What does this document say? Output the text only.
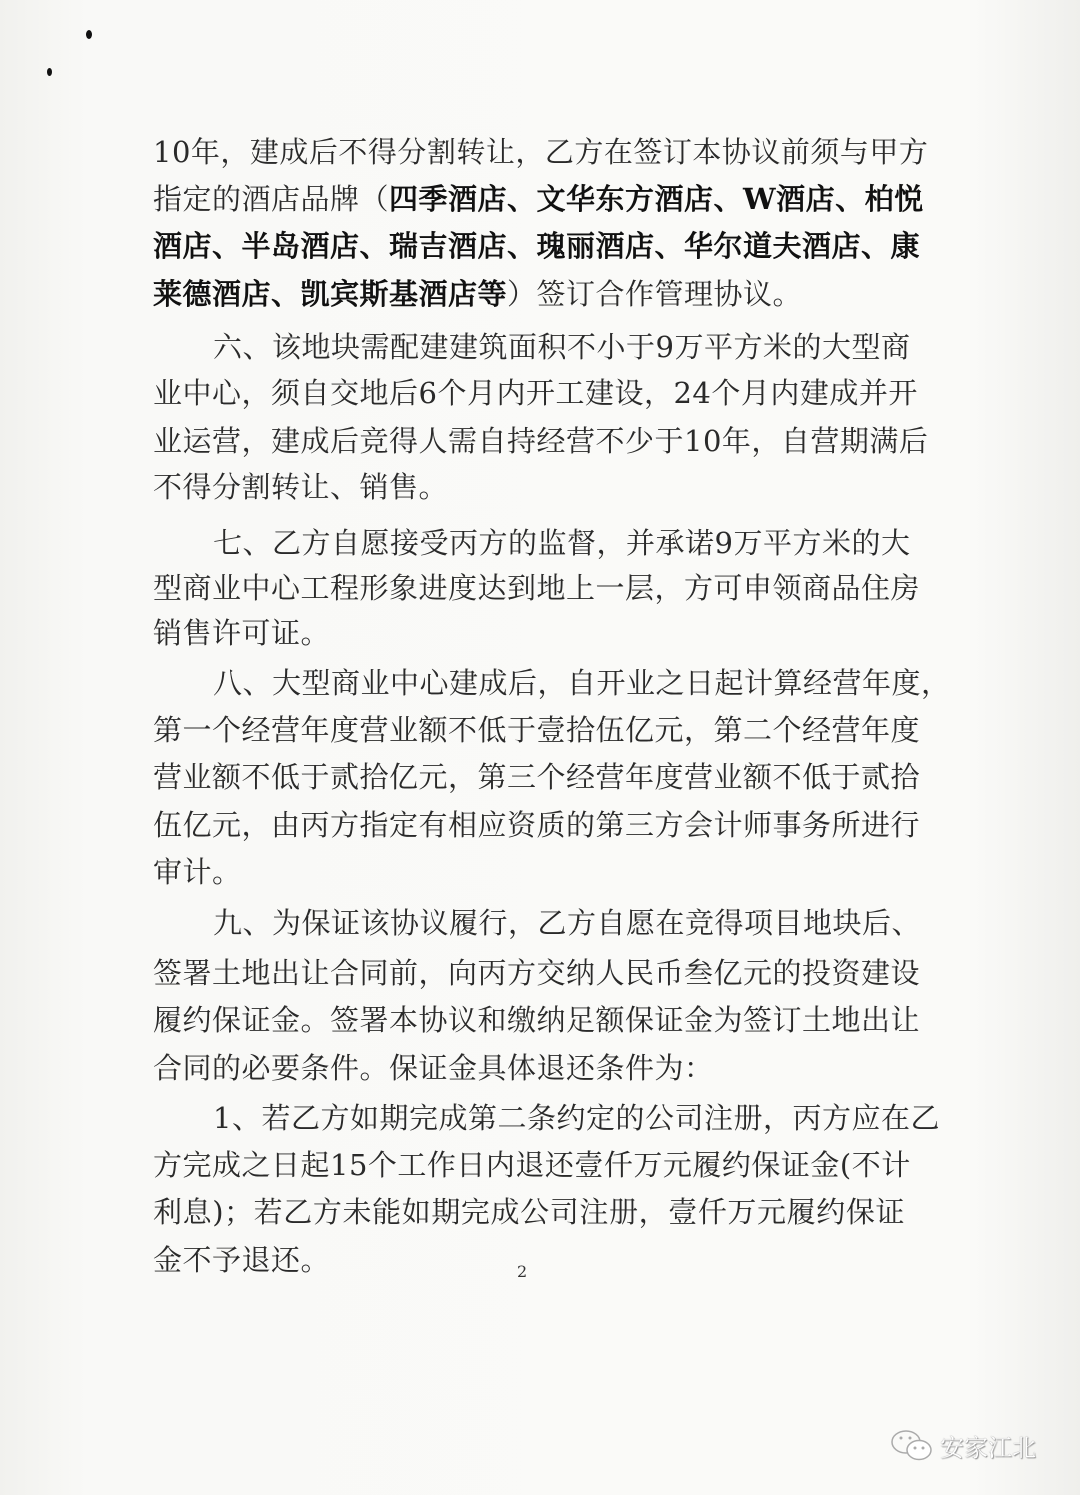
10年，建成后不得分割转让，乙方在签订本协议前须与甲方
指定的酒店品牌（四季酒店、文华东方酒店、W酒店、柏悦
酒店、半岛酒店、瑞吉酒店、瑰丽酒店、华尔道夫酒店、康
莱德酒店、凯宾斯基酒店等）签订合作管理协议。
六、该地块需配建建筑面积不小于9万平方米的大型商
业中心，须自交地后6个月内开工建设，24个月内建成并开
业运营，建成后竞得人需自持经营不少于10年，自营期满后
不得分割转让、销售。
七、乙方自愿接受丙方的监督，并承诺9万平方米的大
型商业中心工程形象进度达到地上一层，方可申领商品住房
销售许可证。
八、大型商业中心建成后，自开业之日起计算经营年度，
第一个经营年度营业额不低于壹拾伍亿元，第二个经营年度
营业额不低于贰拾亿元，第三个经营年度营业额不低于贰拾
伍亿元，由丙方指定有相应资质的第三方会计师事务所进行
审计。
九、为保证该协议履行，乙方自愿在竞得项目地块后、
签署土地出让合同前，向丙方交纳人民币叁亿元的投资建设
履约保证金。签署本协议和缴纳足额保证金为签订土地出让
合同的必要条件。保证金具体退还条件为：
1、若乙方如期完成第二条约定的公司注册，丙方应在乙
方完成之日起15个工作日内退还壹仟万元履约保证金(不计
利息)；若乙方未能如期完成公司注册，壹仟万元履约保证
金不予退还。	2
安家江北
